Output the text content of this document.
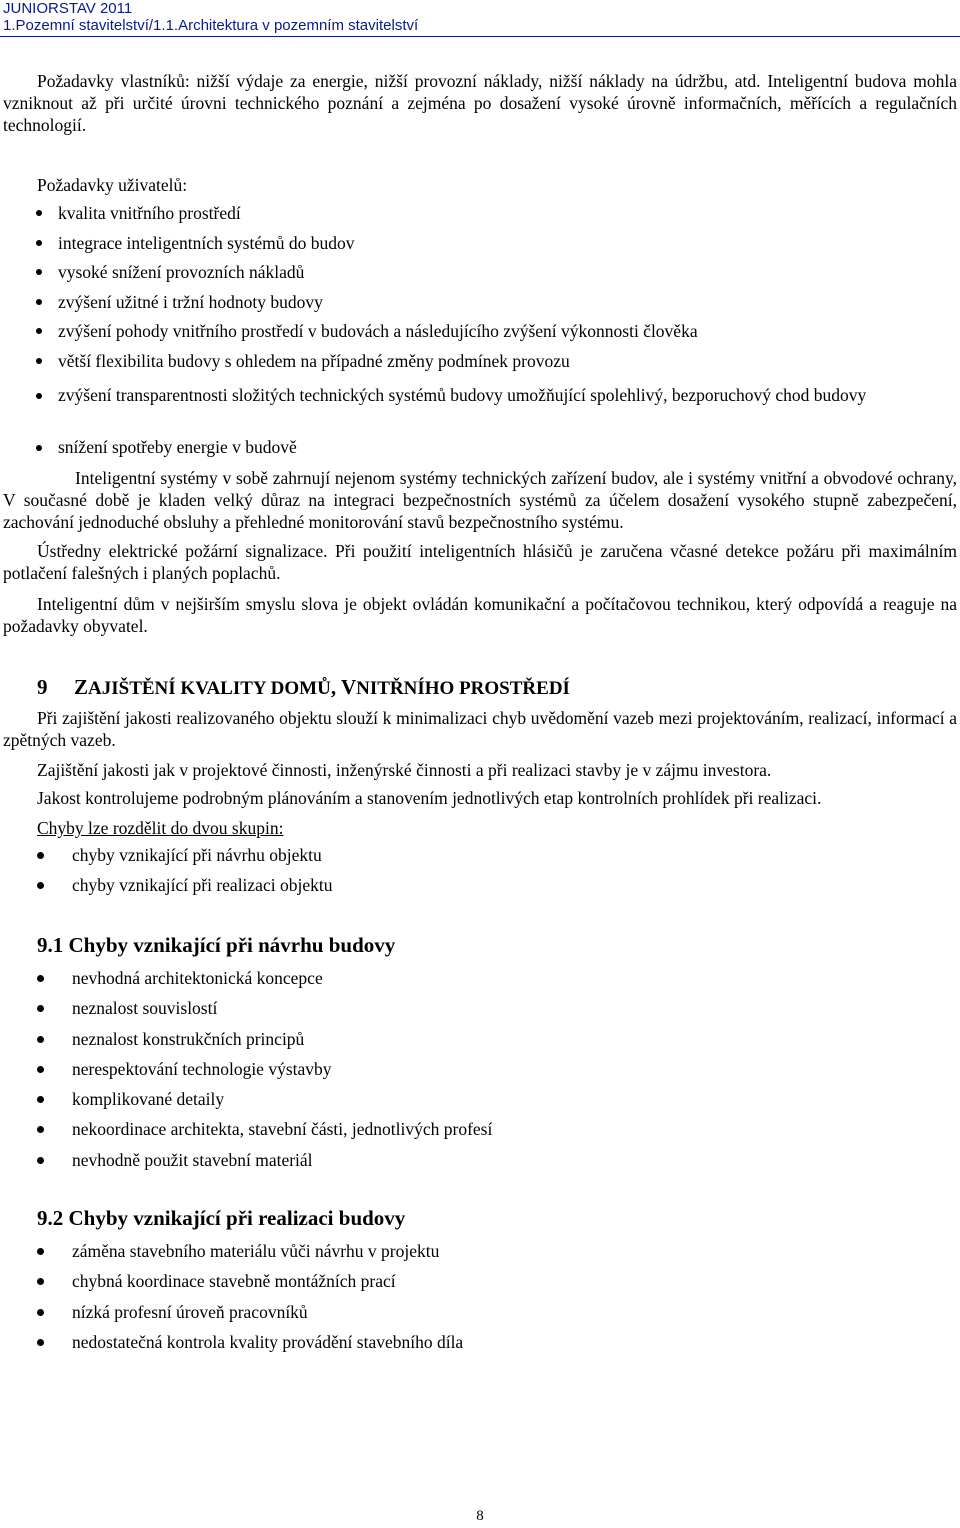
JUNIORSTAV 2011
1.Pozemní stavitelství/1.1.Architektura v pozemním stavitelství

Požadavky vlastníků: nižší výdaje za energie, nižší provozní náklady, nižší náklady na údržbu, atd. Inteligentní budova mohla vzniknout až při určité úrovni technického poznání a zejména po dosažení vysoké úrovně informačních, měřících a regulačních technologií.

Požadavky uživatelů:

kvalita vnitřního prostředí
integrace inteligentních systémů do budov
vysoké snížení provozních nákladů
zvýšení užitné i tržní hodnoty budovy
zvýšení pohody vnitřního prostředí v budovách a následujícího zvýšení výkonnosti člověka
větší flexibilita budovy s ohledem na případné změny podmínek provozu

zvýšení transparentnosti složitých technických systémů budovy umožňující spolehlivý, bezporuchový chod budovy

snížení spotřeby energie v budově

Inteligentní systémy v sobě zahrnují nejenom systémy technických zařízení budov, ale i systémy vnitřní a obvodové ochrany, V současné době je kladen velký důraz na integraci bezpečnostních systémů za účelem dosažení vysokého stupně zabezpečení, zachování jednoduché obsluhy a přehledné monitorování stavů bezpečnostního systému.

Ústředny elektrické požární signalizace. Při použití inteligentních hlásičů je zaručena včasné detekce požáru při maximálním potlačení falešných i planých poplachů.

Inteligentní dům v nejširším smyslu slova je objekt ovládán komunikační a počítačovou technikou, který odpovídá a reaguje na požadavky obyvatel.

9 ZAJIŠTĚNÍ KVALITY DOMŮ, VNITŘNÍHO PROSTŘEDÍ

Při zajištění jakosti realizovaného objektu slouží k minimalizaci chyb uvědomění vazeb mezi projektováním, realizací, informací a zpětných vazeb.

Zajištění jakosti jak v projektové činnosti, inženýrské činnosti a při realizaci stavby je v zájmu investora.

Jakost kontrolujeme podrobným plánováním a stanovením jednotlivých etap kontrolních prohlídek při realizaci.

Chyby lze rozdělit do dvou skupin:

chyby vznikající při návrhu objektu
chyby vznikající při realizaci objektu
9.1 Chyby vznikající při návrhu budovy
nevhodná architektonická koncepce
neznalost souvislostí
neznalost konstrukčních principů
nerespektování technologie výstavby
komplikované detaily
nekoordinace architekta, stavební části, jednotlivých profesí
nevhodně použit stavební materiál
9.2 Chyby vznikající při realizaci budovy
záměna stavebního materiálu vůči návrhu v projektu
chybná koordinace stavebně montážních prací
nízká profesní úroveň pracovníků
nedostatečná kontrola kvality provádění stavebního díla
8
